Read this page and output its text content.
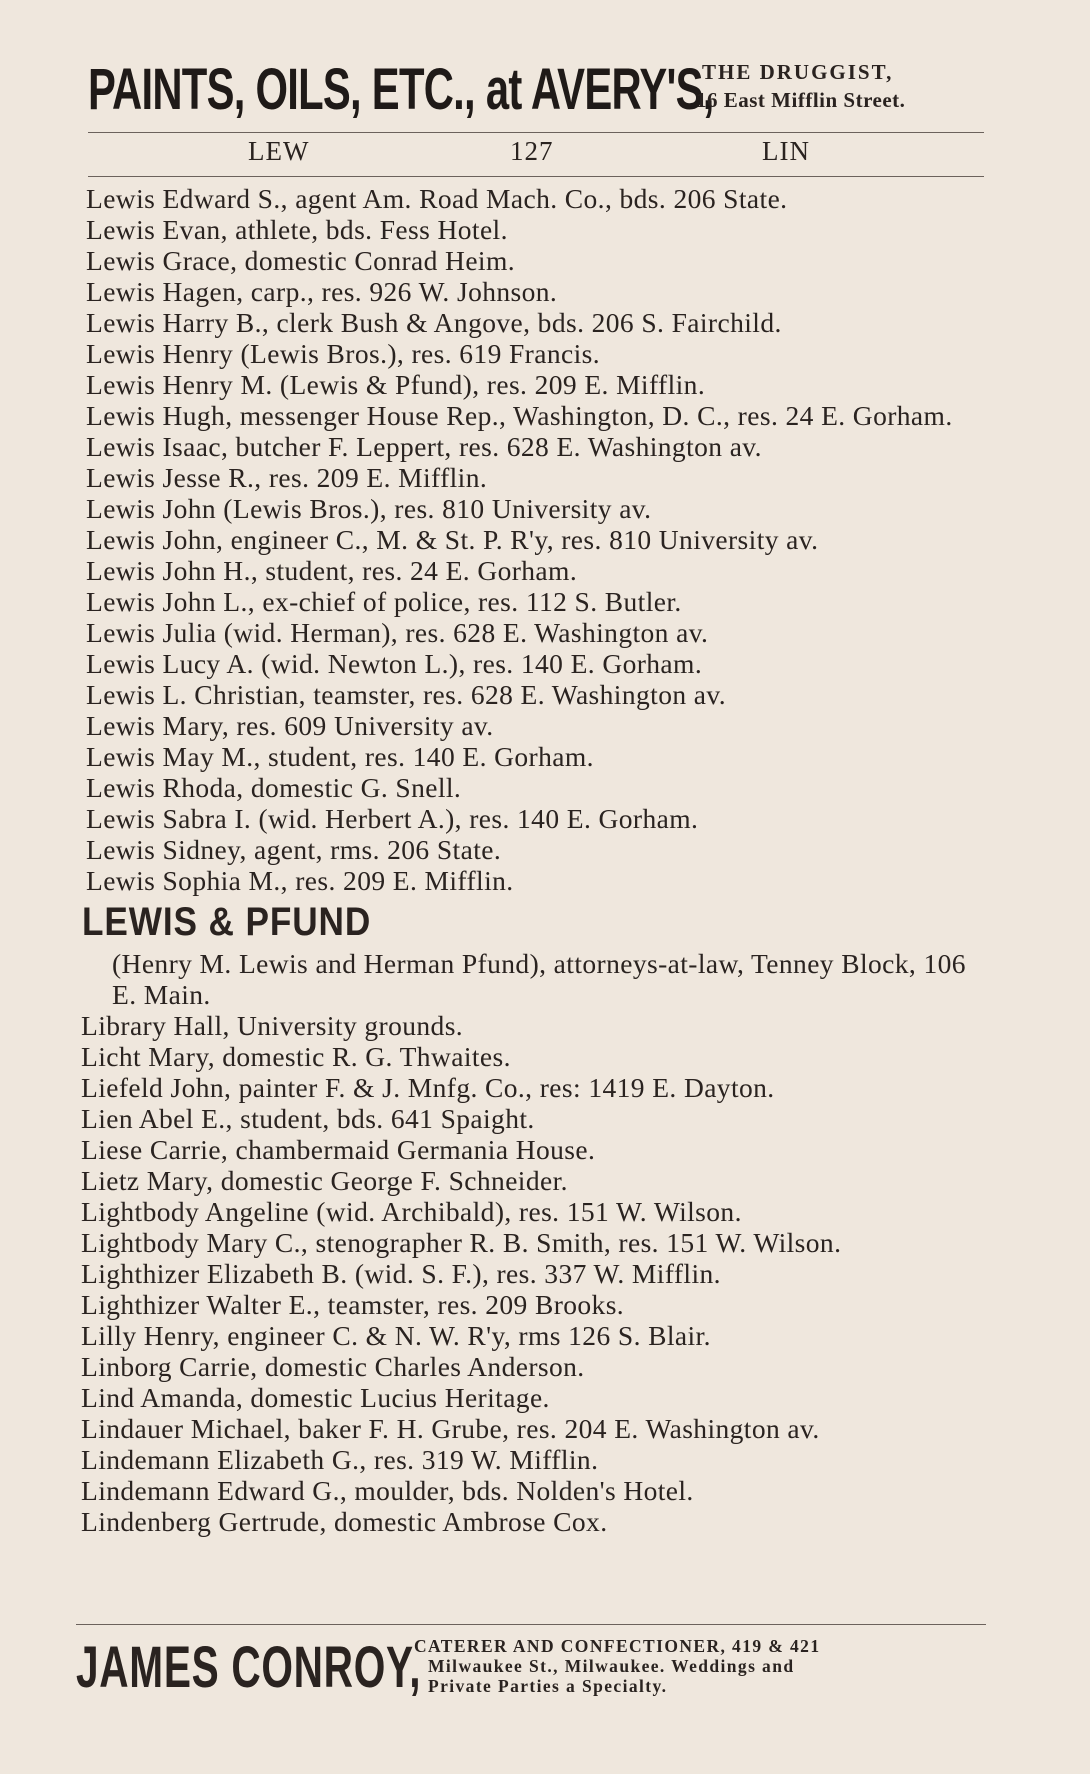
PAINTS, OILS, ETC., at AVERY'S,
THE DRUGGIST,
16 East Mifflin Street.
LEW	127	LIN
Lewis Edward S., agent Am. Road Mach. Co., bds. 206 State.
Lewis Evan, athlete, bds. Fess Hotel.
Lewis Grace, domestic Conrad Heim.
Lewis Hagen, carp., res. 926 W. Johnson.
Lewis Harry B., clerk Bush & Angove, bds. 206 S. Fairchild.
Lewis Henry (Lewis Bros.), res. 619 Francis.
Lewis Henry M. (Lewis & Pfund), res. 209 E. Mifflin.
Lewis Hugh, messenger House Rep., Washington, D. C., res. 24 E. Gorham.
Lewis Isaac, butcher F. Leppert, res. 628 E. Washington av.
Lewis Jesse R., res. 209 E. Mifflin.
Lewis John (Lewis Bros.), res. 810 University av.
Lewis John, engineer C., M. & St. P. R'y, res. 810 University av.
Lewis John H., student, res. 24 E. Gorham.
Lewis John L., ex-chief of police, res. 112 S. Butler.
Lewis Julia (wid. Herman), res. 628 E. Washington av.
Lewis Lucy A. (wid. Newton L.), res. 140 E. Gorham.
Lewis L. Christian, teamster, res. 628 E. Washington av.
Lewis Mary, res. 609 University av.
Lewis May M., student, res. 140 E. Gorham.
Lewis Rhoda, domestic G. Snell.
Lewis Sabra I. (wid. Herbert A.), res. 140 E. Gorham.
Lewis Sidney, agent, rms. 206 State.
Lewis Sophia M., res. 209 E. Mifflin.
LEWIS & PFUND
(Henry M. Lewis and Herman Pfund), attorneys-at-law, Tenney Block, 106 E. Main.
Library Hall, University grounds.
Licht Mary, domestic R. G. Thwaites.
Liefeld John, painter F. & J. Mnfg. Co., res: 1419 E. Dayton.
Lien Abel E., student, bds. 641 Spaight.
Liese Carrie, chambermaid Germania House.
Lietz Mary, domestic George F. Schneider.
Lightbody Angeline (wid. Archibald), res. 151 W. Wilson.
Lightbody Mary C., stenographer R. B. Smith, res. 151 W. Wilson.
Lighthizer Elizabeth B. (wid. S. F.), res. 337 W. Mifflin.
Lighthizer Walter E., teamster, res. 209 Brooks.
Lilly Henry, engineer C. & N. W. R'y, rms 126 S. Blair.
Linborg Carrie, domestic Charles Anderson.
Lind Amanda, domestic Lucius Heritage.
Lindauer Michael, baker F. H. Grube, res. 204 E. Washington av.
Lindemann Elizabeth G., res. 319 W. Mifflin.
Lindemann Edward G., moulder, bds. Nolden's Hotel.
Lindenberg Gertrude, domestic Ambrose Cox.
JAMES CONROY,
CATERER AND CONFECTIONER, 419 & 421
Milwaukee St., Milwaukee. Weddings and
Private Parties a Specialty.
